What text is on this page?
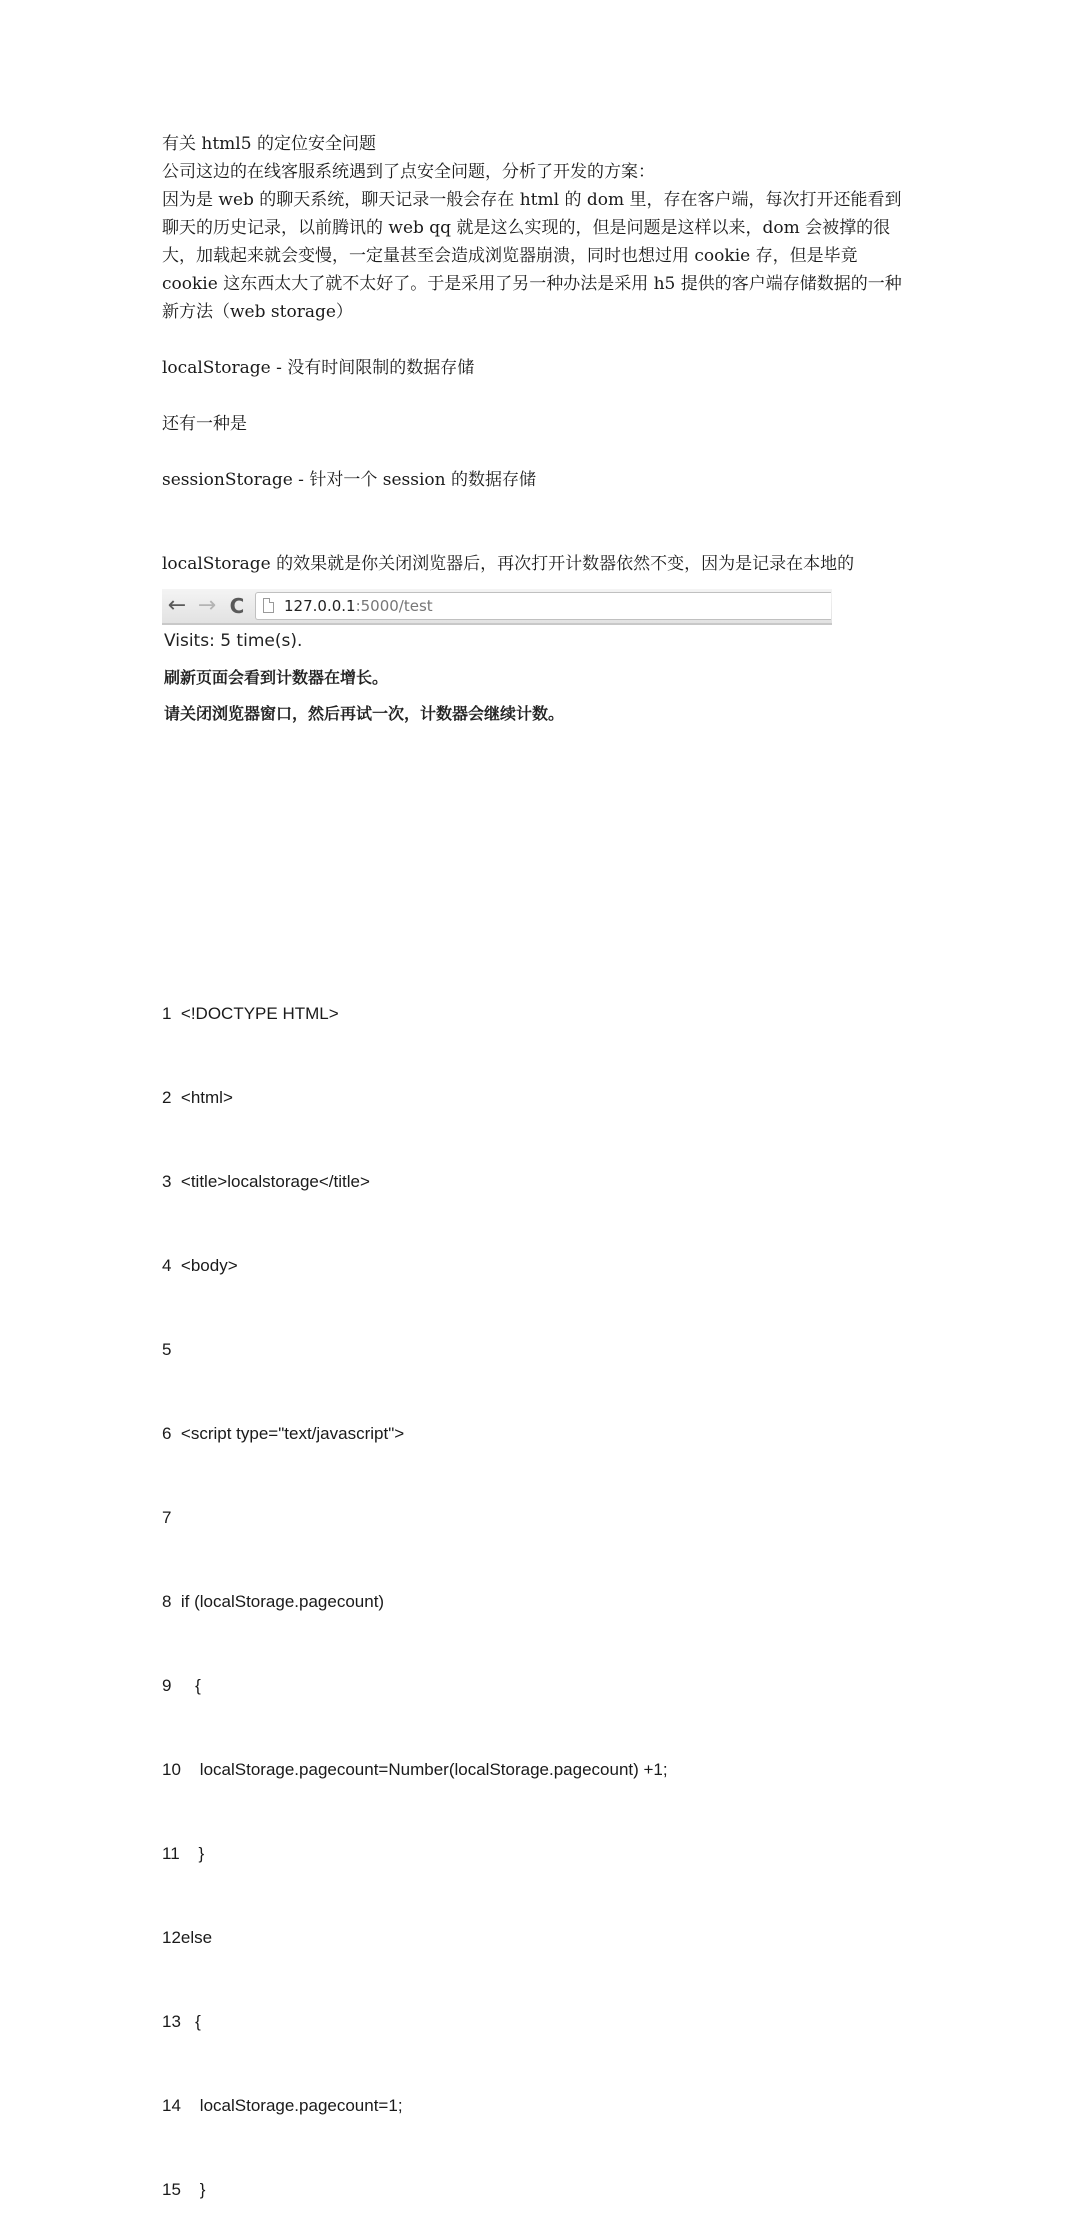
有关 html5 的定位安全问题

公司这边的在线客服系统遇到了点安全问题，分析了开发的方案：

因为是 web 的聊天系统，聊天记录一般会存在 html 的 dom 里，存在客户端，每次打开还能看到聊天的历史记录，以前腾讯的 web qq 就是这么实现的，但是问题是这样以来，dom 会被撑的很大，加载起来就会变慢，一定量甚至会造成浏览器崩溃，同时也想过用 cookie 存，但是毕竟 cookie 这东西太大了就不太好了。于是采用了另一种办法是采用 h5 提供的客户端存储数据的一种新方法（web storage）

localStorage - 没有时间限制的数据存储

还有一种是

sessionStorage - 针对一个 session 的数据存储

localStorage 的效果就是你关闭浏览器后，再次打开计数器依然不变，因为是记录在本地的

← → C	127.0.0.1:5000/test
Visits: 5 time(s).
刷新页面会看到计数器在增长。
请关闭浏览器窗口，然后再试一次，计数器会继续计数。

1  <!DOCTYPE HTML>

2  <html>

3  <title>localstorage</title>

4  <body>

5

6  <script type="text/javascript">

7

8  if (localStorage.pagecount)

9     {

10    localStorage.pagecount=Number(localStorage.pagecount) +1;

11    }

12else

13   {

14    localStorage.pagecount=1;

15    }
